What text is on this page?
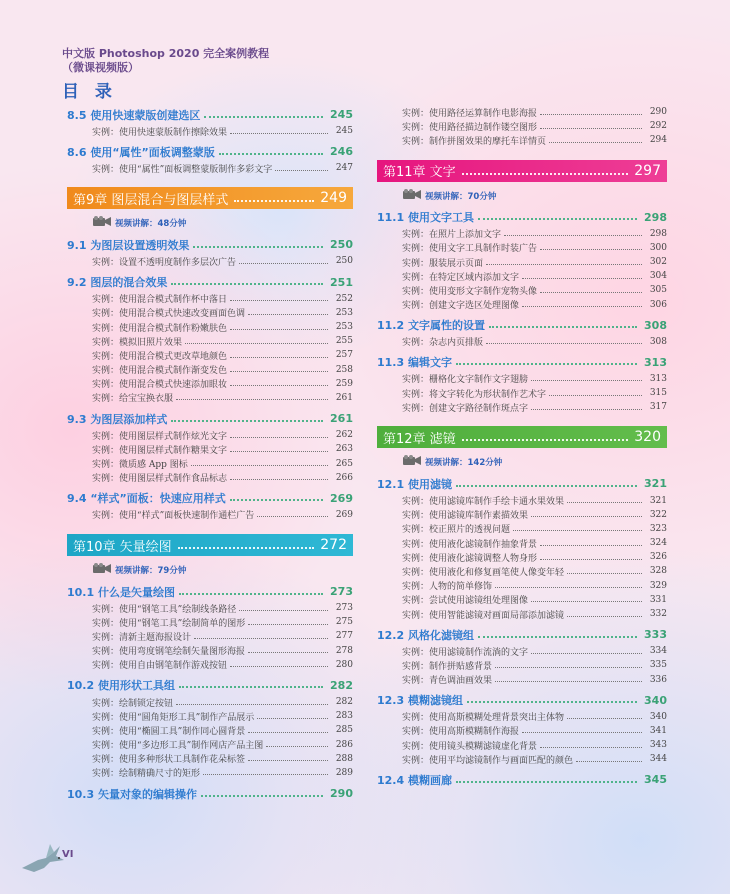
中文版 Photoshop 2020 完全案例教程
（微课视频版）
目 录
8.5 使用快速蒙版创建选区	245
实例：使用快速蒙版制作擦除效果	245
8.6 使用“属性”面板调整蒙版	246
实例：使用“属性”面板调整蒙版制作多彩文字	247
第9章 图层混合与图层样式	249
视频讲解：48分钟
9.1 为图层设置透明效果	250
实例：设置不透明度制作多层次广告	250
9.2 图层的混合效果	251
实例：使用混合模式制作杯中落日	252
实例：使用混合模式快速改变画面色调	253
实例：使用混合模式制作粉嫩肤色	253
实例：模拟旧照片效果	255
实例：使用混合模式更改草地颜色	257
实例：使用混合模式制作渐变发色	258
实例：使用混合模式快速添加眼妆	259
实例：给宝宝换衣服	261
9.3 为图层添加样式	261
实例：使用图层样式制作炫光文字	262
实例：使用图层样式制作糖果文字	263
实例：微质感 App 图标	265
实例：使用图层样式制作食品标志	266
9.4 “样式”面板：快速应用样式	269
实例：使用“样式”面板快速制作通栏广告	269
第10章 矢量绘图	272
视频讲解：79分钟
10.1 什么是矢量绘图	273
实例：使用“钢笔工具”绘制线条路径	273
实例：使用“钢笔工具”绘制简单的图形	275
实例：清新主题海报设计	277
实例：使用弯度钢笔绘制矢量图形海报	278
实例：使用自由钢笔制作游戏按钮	280
10.2 使用形状工具组	282
实例：绘制锁定按钮	282
实例：使用“圆角矩形工具”制作产品展示	283
实例：使用“椭圆工具”制作同心圆背景	285
实例：使用“多边形工具”制作网店产品主图	286
实例：使用多种形状工具制作花朵标签	288
实例：绘制精确尺寸的矩形	289
10.3 矢量对象的编辑操作	290
实例：使用路径运算制作电影海报	290
实例：使用路径描边制作镂空图形	292
实例：制作拼图效果的摩托车详情页	294
第11章 文字	297
视频讲解：70分钟
11.1 使用文字工具	298
实例：在照片上添加文字	298
实例：使用文字工具制作时装广告	300
实例：服装展示页面	302
实例：在特定区域内添加文字	304
实例：使用变形文字制作宠物头像	305
实例：创建文字选区处理图像	306
11.2 文字属性的设置	308
实例：杂志内页排版	308
11.3 编辑文字	313
实例：栅格化文字制作文字翅膀	313
实例：将文字转化为形状制作艺术字	315
实例：创建文字路径制作斑点字	317
第12章 滤镜	320
视频讲解：142分钟
12.1 使用滤镜	321
实例：使用滤镜库制作手绘卡通水果效果	321
实例：使用滤镜库制作素描效果	322
实例：校正照片的透视问题	323
实例：使用液化滤镜制作抽象背景	324
实例：使用液化滤镜调整人物身形	326
实例：使用液化和修复画笔使人像变年轻	328
实例：人物的简单修饰	329
实例：尝试使用滤镜组处理图像	331
实例：使用智能滤镜对画面局部添加滤镜	332
12.2 风格化滤镜组	333
实例：使用滤镜制作流淌的文字	334
实例：制作拼贴感背景	335
实例：青色调油画效果	336
12.3 模糊滤镜组	340
实例：使用高斯模糊处理背景突出主体物	340
实例：使用高斯模糊制作海报	341
实例：使用镜头模糊滤镜虚化背景	343
实例：使用平均滤镜制作与画面匹配的颜色	344
12.4 模糊画廊	345
VI
